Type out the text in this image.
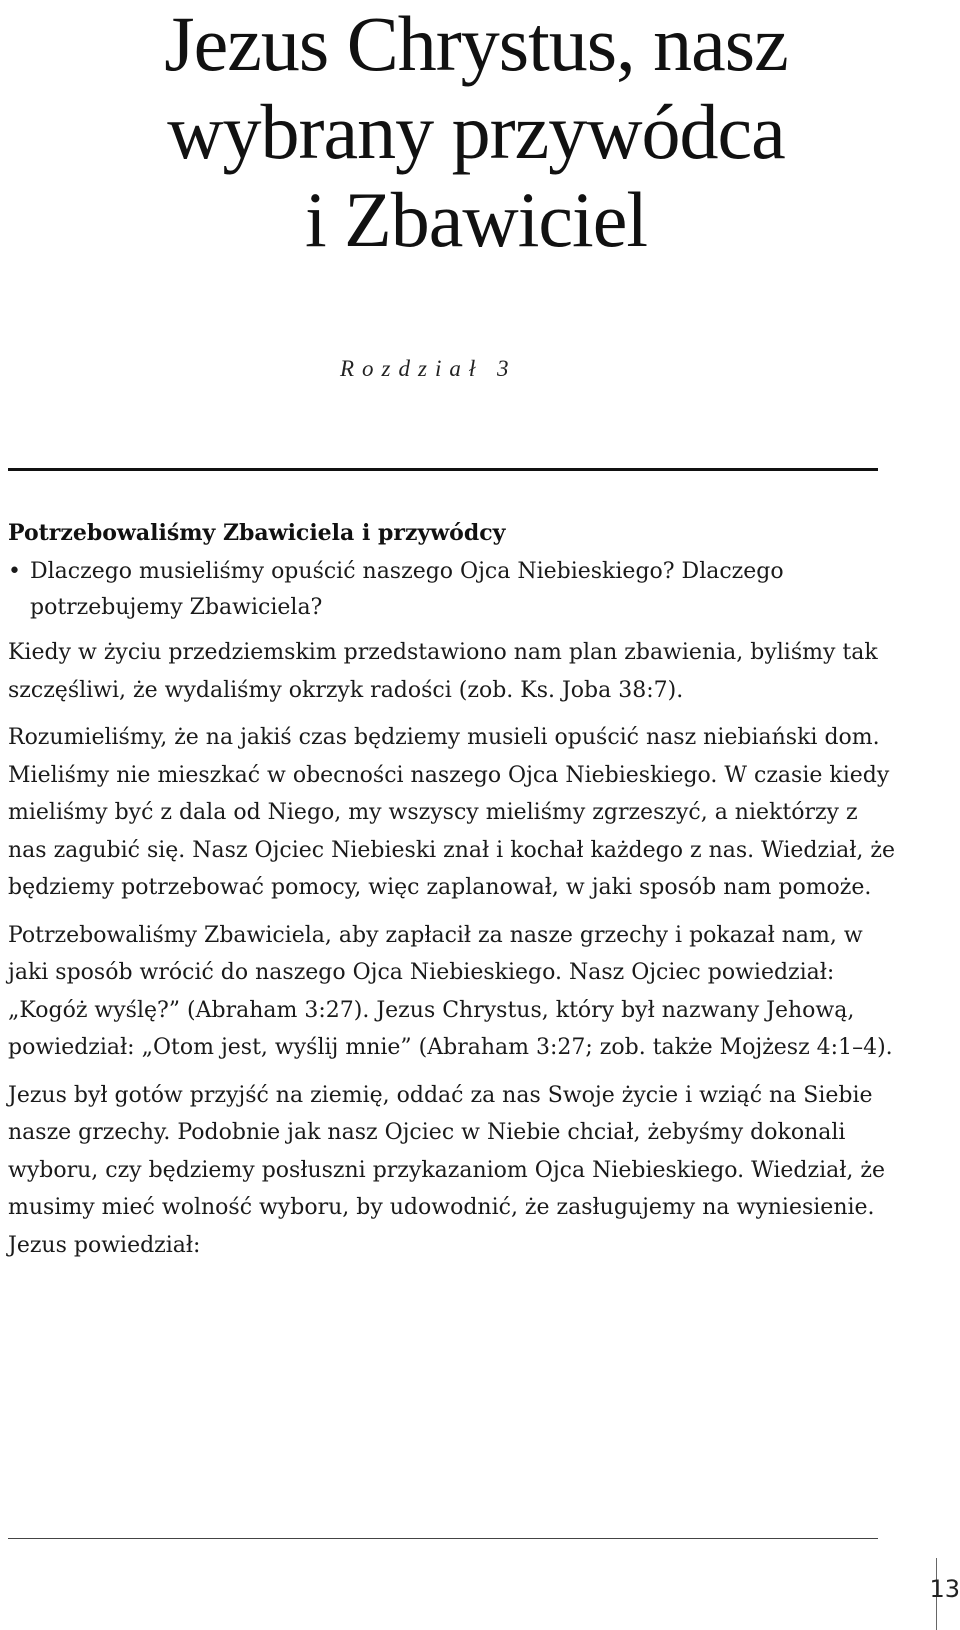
Jezus Chrystus, nasz
wybrany przywódca
i Zbawiciel
Rozdział 3
Potrzebowaliśmy Zbawiciela i przywódcy
• Dlaczego musieliśmy opuścić naszego Ojca Niebieskiego? Dlaczego potrzebujemy Zbawiciela?

Kiedy w życiu przedziemskim przedstawiono nam plan zbawienia, byliśmy tak szczęśliwi, że wydaliśmy okrzyk radości (zob. Ks. Joba 38:7).

Rozumieliśmy, że na jakiś czas będziemy musieli opuścić nasz niebiański dom. Mieliśmy nie mieszkać w obecności naszego Ojca Niebieskiego. W czasie kiedy mieliśmy być z dala od Niego, my wszyscy mieliśmy zgrzeszyć, a niektórzy z nas zagubić się. Nasz Ojciec Niebieski znał i kochał każdego z nas. Wiedział, że będziemy potrzebować pomocy, więc zaplanował, w jaki sposób nam pomoże.

Potrzebowaliśmy Zbawiciela, aby zapłacił za nasze grzechy i pokazał nam, w jaki sposób wrócić do naszego Ojca Niebieskiego. Nasz Ojciec powiedział: „Kogóż wyślę?” (Abraham 3:27). Jezus Chrystus, który był nazwany Jehową, powiedział: „Otom jest, wyślij mnie” (Abraham 3:27; zob. także Mojżesz 4:1–4).

Jezus był gotów przyjść na ziemię, oddać za nas Swoje życie i wziąć na Siebie nasze grzechy. Podobnie jak nasz Ojciec w Niebie chciał, żebyśmy dokonali wyboru, czy będziemy posłuszni przykazaniom Ojca Niebieskiego. Wiedział, że musimy mieć wolność wyboru, by udowodnić, że zasługujemy na wyniesienie. Jezus powiedział:

13
